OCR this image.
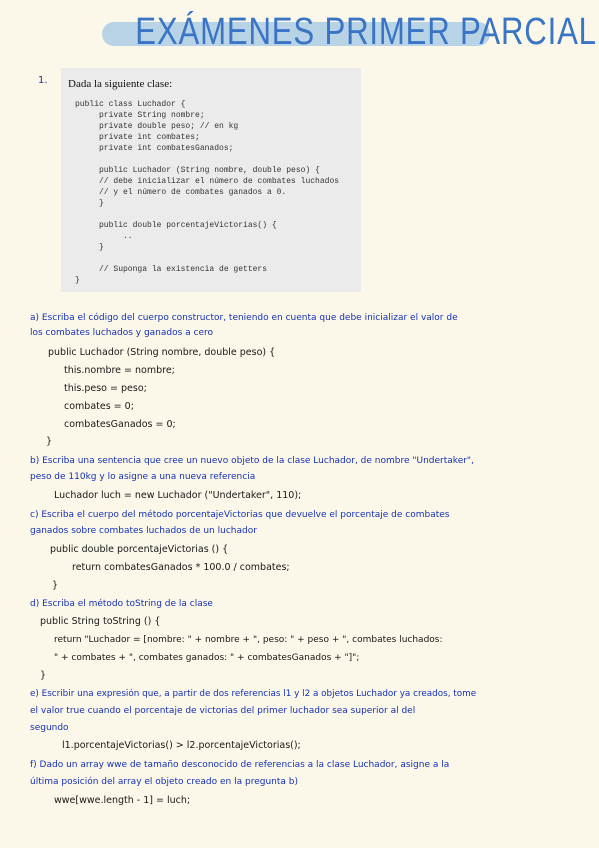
EXÁMENES PRIMER PARCIAL
1. Dada la siguiente clase:
public class Luchador {
private String nombre;
private double peso; // en kg
private int combates;
private int combatesGanados;

public Luchador (String nombre, double peso) {
// debe inicializar el número de combates luchados
// y el número de combates ganados a 0.
}

public double porcentajeVictorias() {
..
}

// Suponga la existencia de getters
}
a) Escriba el código del cuerpo constructor, teniendo en cuenta que debe inicializar el valor de
los combates luchados y ganados a cero
public Luchador (String nombre, double peso) {
this.nombre = nombre;
this.peso = peso;
combates = 0;
combatesGanados = 0;
}
b) Escriba una sentencia que cree un nuevo objeto de la clase Luchador, de nombre "Undertaker",
peso de 110kg y lo asigne a una nueva referencia
Luchador luch = new Luchador ("Undertaker", 110);
c) Escriba el cuerpo del método porcentajeVictorias que devuelve el porcentaje de combates
ganados sobre combates luchados de un luchador
public double porcentajeVictorias () {
return combatesGanados * 100.0 / combates;
}
d) Escriba el método toString de la clase
public String toString () {
return "Luchador = [nombre: " + nombre + ", peso: " + peso + ", combates luchados:
" + combates + ", combates ganados: " + combatesGanados + "]";
}
e) Escribir una expresión que, a partir de dos referencias l1 y l2 a objetos Luchador ya creados, tome
el valor true cuando el porcentaje de victorias del primer luchador sea superior al del
segundo
l1.porcentajeVictorias() > l2.porcentajeVictorias();
f) Dado un array wwe de tamaño desconocido de referencias a la clase Luchador, asigne a la
última posición del array el objeto creado en la pregunta b)
wwe[wwe.length - 1] = luch;
